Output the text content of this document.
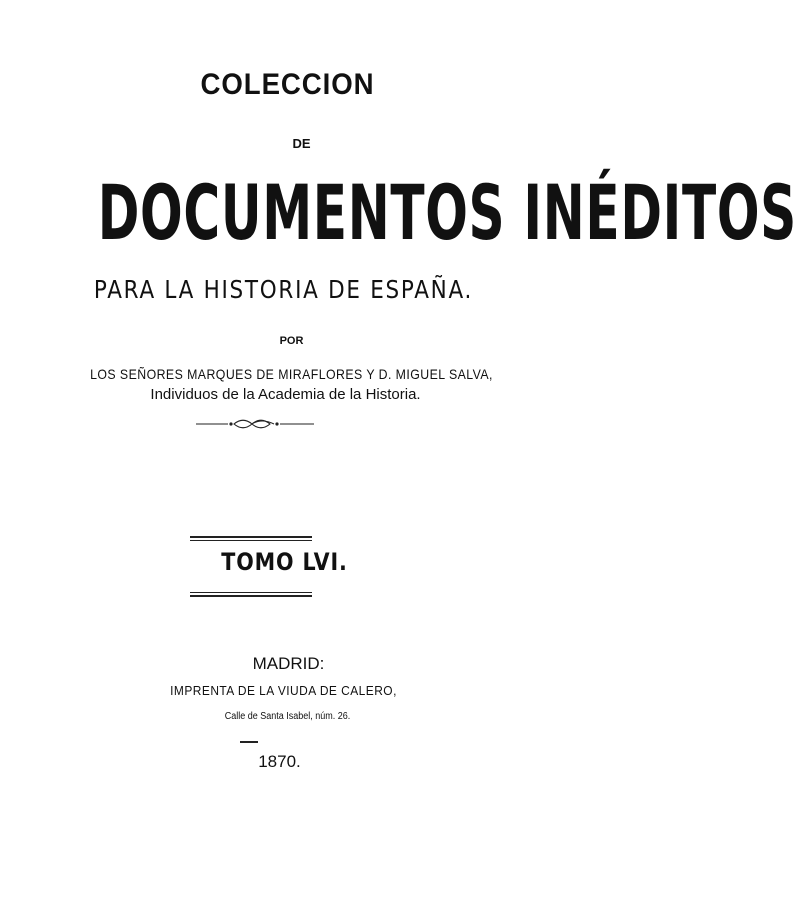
COLECCION
DE
DOCUMENTOS INÉDITOS
PARA LA HISTORIA DE ESPAÑA.
POR
LOS SEÑORES MARQUES DE MIRAFLORES Y D. MIGUEL SALVA,
Individuos de la Academia de la Historia.
TOMO LVI.
MADRID:
IMPRENTA DE LA VIUDA DE CALERO,
Calle de Santa Isabel, núm. 26.
1870.
